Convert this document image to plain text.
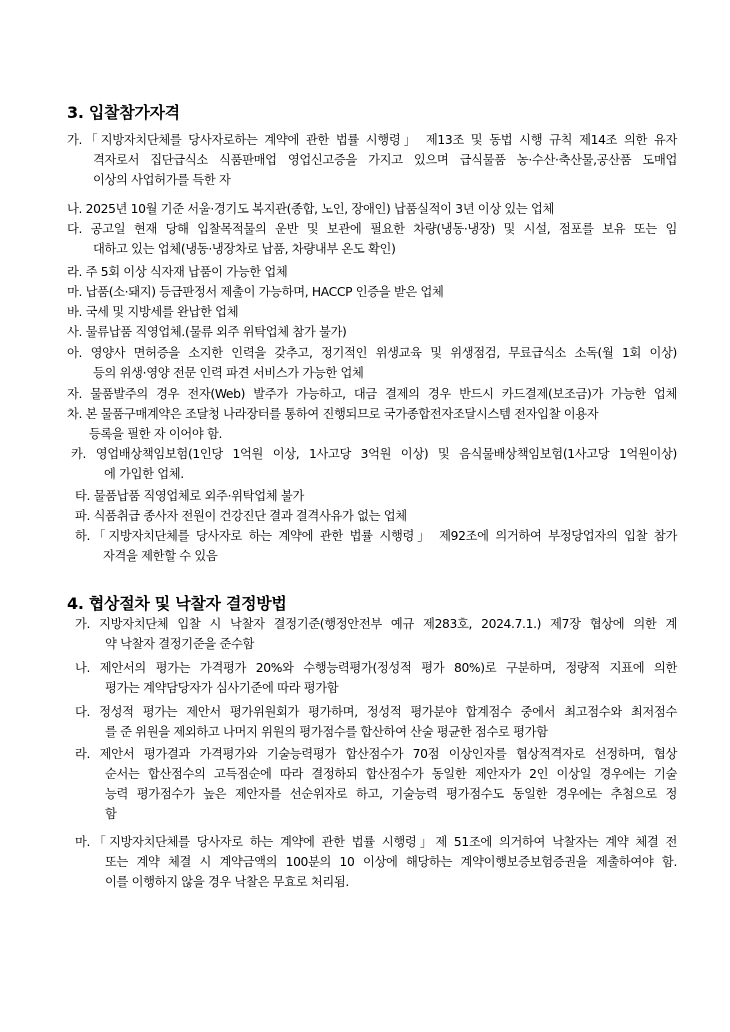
3. 입찰참가자격
가.「지방자치단체를 당사자로하는 계약에 관한 법률 시행령」 제13조 및 동법 시행 규칙 제14조 의한 유자
격자로서 집단급식소 식품판매업 영업신고증을 가지고 있으며 급식물품 농·수산·축산물,공산품 도매업
이상의 사업허가를 득한 자
나. 2025년 10월 기준 서울·경기도 복지관(종합, 노인, 장애인) 납품실적이 3년 이상 있는 업체
다. 공고일 현재 당해 입찰목적물의 운반 및 보관에 필요한 차량(냉동·냉장) 및 시설, 점포를 보유 또는 임
대하고 있는 업체(냉동·냉장차로 납품, 차량내부 온도 확인)
라. 주 5회 이상 식자재 납품이 가능한 업체
마. 납품(소·돼지) 등급판정서 제출이 가능하며, HACCP 인증을 받은 업체
바. 국세 및 지방세를 완납한 업체
사. 물류납품 직영업체.(물류 외주 위탁업체 참가 불가)
아. 영양사 면허증을 소지한 인력을 갖추고, 정기적인 위생교육 및 위생점검, 무료급식소 소독(월 1회 이상)
등의 위생·영양 전문 인력 파견 서비스가 가능한 업체
자. 물품발주의 경우 전자(Web) 발주가 가능하고, 대금 결제의 경우 반드시 카드결제(보조금)가 가능한 업체
차. 본 물품구매계약은 조달청 나라장터를 통하여 진행되므로 국가종합전자조달시스템 전자입찰 이용자
등록을 필한 자 이어야 함.
카. 영업배상책임보험(1인당 1억원 이상, 1사고당 3억원 이상) 및 음식물배상책임보험(1사고당 1억원이상)
에 가입한 업체.
타. 물품납품 직영업체로 외주·위탁업체 불가
파. 식품취급 종사자 전원이 건강진단 결과 결격사유가 없는 업체
하.「지방자치단체를 당사자로 하는 계약에 관한 법률 시행령」 제92조에 의거하여 부정당업자의 입찰 참가
자격을 제한할 수 있음
4. 협상절차 및 낙찰자 결정방법
가. 지방자치단체 입찰 시 낙찰자 결정기준(행정안전부 예규 제283호, 2024.7.1.) 제7장 협상에 의한 계
약 낙찰자 결정기준을 준수함
나. 제안서의 평가는 가격평가 20%와 수행능력평가(정성적 평가 80%)로 구분하며, 정량적 지표에 의한
평가는 계약담당자가 심사기준에 따라 평가함
다. 정성적 평가는 제안서 평가위원회가 평가하며, 정성적 평가분야 합계점수 중에서 최고점수와 최저점수
를 준 위원을 제외하고 나머지 위원의 평가점수를 합산하여 산술 평균한 점수로 평가함
라. 제안서 평가결과 가격평가와 기술능력평가 합산점수가 70점 이상인자를 협상적격자로 선정하며, 협상
순서는 합산점수의 고득점순에 따라 결정하되 합산점수가 동일한 제안자가 2인 이상일 경우에는 기술
능력 평가점수가 높은 제안자를 선순위자로 하고, 기술능력 평가점수도 동일한 경우에는 추첨으로 정
함
마.「지방자치단체를 당사자로 하는 계약에 관한 법률 시행령」제 51조에 의거하여 낙찰자는 계약 체결 전
또는 계약 체결 시 계약금액의 100분의 10 이상에 해당하는 계약이행보증보험증권을 제출하여야 함.
이를 이행하지 않을 경우 낙찰은 무효로 처리됨.
